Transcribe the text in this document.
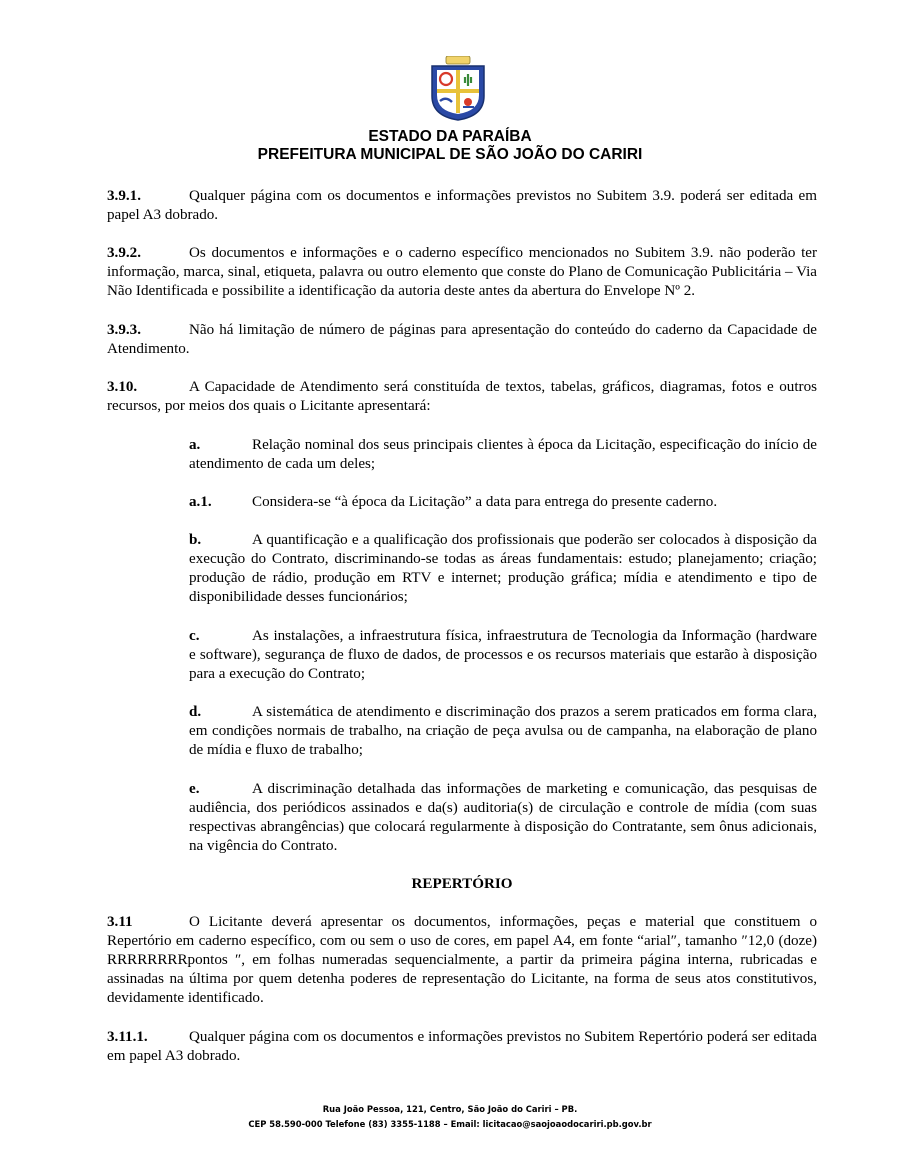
ESTADO DA PARAÍBA
PREFEITURA MUNICIPAL DE SÃO JOÃO DO CARIRI

3.9.1.	Qualquer página com os documentos e informações previstos no Subitem 3.9. poderá ser editada em papel A3 dobrado.

3.9.2.	Os documentos e informações e o caderno específico mencionados no Subitem 3.9. não poderão ter informação, marca, sinal, etiqueta, palavra ou outro elemento que conste do Plano de Comunicação Publicitária – Via Não Identificada e possibilite a identificação da autoria deste antes da abertura do Envelope Nº 2.

3.9.3.	Não há limitação de número de páginas para apresentação do conteúdo do caderno da Capacidade de Atendimento.

3.10.	A Capacidade de Atendimento será constituída de textos, tabelas, gráficos, diagramas, fotos e outros recursos, por meios dos quais o Licitante apresentará:

a.	Relação nominal dos seus principais clientes à época da Licitação, especificação do início de atendimento de cada um deles;

a.1.	Considera-se “à época da Licitação” a data para entrega do presente caderno.

b.	A quantificação e a qualificação dos profissionais que poderão ser colocados à disposição da execução do Contrato, discriminando-se todas as áreas fundamentais: estudo; planejamento; criação; produção de rádio, produção em RTV e internet; produção gráfica; mídia e atendimento e tipo de disponibilidade desses funcionários;

c.	As instalações, a infraestrutura física, infraestrutura de Tecnologia da Informação (hardware e software), segurança de fluxo de dados, de processos e os recursos materiais que estarão à disposição para a execução do Contrato;

d.	A sistemática de atendimento e discriminação dos prazos a serem praticados em forma clara, em condições normais de trabalho, na criação de peça avulsa ou de campanha, na elaboração de plano de mídia e fluxo de trabalho;

e.	A discriminação detalhada das informações de marketing e comunicação, das pesquisas de audiência, dos periódicos assinados e da(s) auditoria(s) de circulação e controle de mídia (com suas respectivas abrangências) que colocará regularmente à disposição do Contratante, sem ônus adicionais, na vigência do Contrato.

REPERTÓRIO

3.11	O Licitante deverá apresentar os documentos, informações, peças e material que constituem o Repertório em caderno específico, com ou sem o uso de cores, em papel A4, em fonte “arial″, tamanho ″12,0 (doze) RRRRRRRRpontos ″, em folhas numeradas sequencialmente, a partir da primeira página interna, rubricadas e assinadas na última por quem detenha poderes de representação do Licitante, na forma de seus atos constitutivos, devidamente identificado.

3.11.1.	Qualquer página com os documentos e informações previstos no Subitem Repertório poderá ser editada em papel A3 dobrado.

Rua João Pessoa, 121, Centro, São João do Cariri – PB.
CEP 58.590-000 Telefone (83) 3355-1188 – Email: licitacao@saojoaodocariri.pb.gov.br
